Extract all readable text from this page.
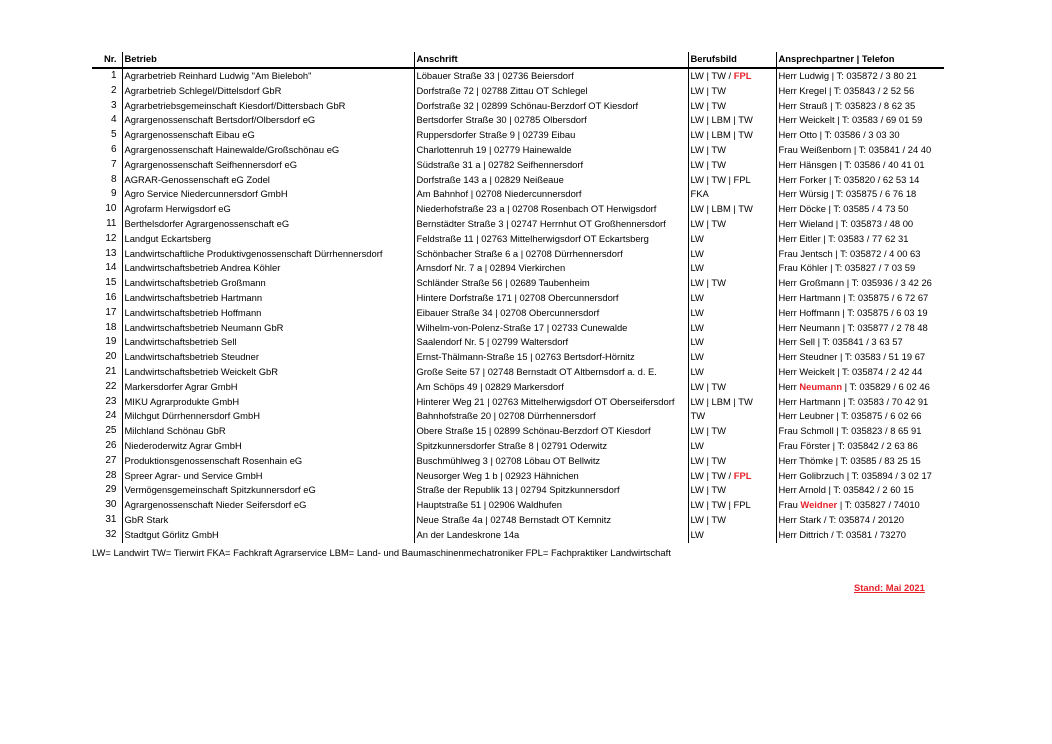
Nr.	Betrieb	Anschrift	Berufsbild	Ansprechpartner | Telefon
1	Agrarbetrieb Reinhard Ludwig "Am Bieleboh"	Löbauer Straße 33 | 02736 Beiersdorf	LW | TW / FPL	Herr Ludwig | T: 035872 / 3 80 21
2	Agrarbetrieb Schlegel/Dittelsdorf GbR	Dorfstraße 72 | 02788 Zittau OT Schlegel	LW | TW	Herr Kregel | T: 035843 / 2 52 56
3	Agrarbetriebsgemeinschaft Kiesdorf/Dittersbach GbR	Dorfstraße 32 | 02899 Schönau-Berzdorf OT Kiesdorf	LW | TW	Herr Strauß | T: 035823 / 8 62 35
4	Agrargenossenschaft Bertsdorf/Olbersdorf eG	Bertsdorfer Straße 30 | 02785 Olbersdorf	LW | LBM | TW	Herr Weickelt | T: 03583 / 69 01 59
5	Agrargenossenschaft Eibau eG	Ruppersdorfer Straße 9 | 02739 Eibau	LW | LBM | TW	Herr Otto | T: 03586 / 3 03 30
6	Agrargenossenschaft Hainewalde/Großschönau eG	Charlottenruh 19 | 02779 Hainewalde	LW | TW	Frau Weißenborn | T: 035841 / 24 40
7	Agrargenossenschaft Seifhennersdorf eG	Südstraße 31 a | 02782 Seifhennersdorf	LW | TW	Herr Hänsgen | T: 03586 / 40 41 01
8	AGRAR-Genossenschaft eG Zodel	Dorfstraße 143 a | 02829 Neißeaue	LW | TW | FPL	Herr Forker | T: 035820 / 62 53 14
9	Agro Service Niedercunnersdorf GmbH	Am Bahnhof | 02708 Niedercunnersdorf	FKA	Herr Würsig | T: 035875 / 6 76 18
10	Agrofarm Herwigsdorf eG	Niederhofstraße 23 a | 02708 Rosenbach OT Herwigsdorf	LW | LBM | TW	Herr Döcke | T: 03585 / 4 73 50
11	Berthelsdorfer Agrargenossenschaft eG	Bernstädter Straße 3 | 02747 Herrnhut OT Großhennersdorf	LW | TW	Herr Wieland | T: 035873 / 48 00
12	Landgut Eckartsberg	Feldstraße 11 | 02763 Mittelherwigsdorf OT Eckartsberg	LW	Herr Eitler | T: 03583 / 77 62 31
13	Landwirtschaftliche Produktivgenossenschaft Dürrhennersdorf	Schönbacher Straße 6 a | 02708 Dürrhennersdorf	LW	Frau Jentsch | T: 035872 / 4 00 63
14	Landwirtschaftsbetrieb Andrea Köhler	Arnsdorf Nr. 7 a | 02894 Vierkirchen	LW	Frau Köhler | T: 035827 / 7 03 59
15	Landwirtschaftsbetrieb Großmann	Schländer Straße 56 | 02689 Taubenheim	LW | TW	Herr Großmann | T: 035936 / 3 42 26
16	Landwirtschaftsbetrieb Hartmann	Hintere Dorfstraße 171 | 02708 Obercunnersdorf	LW	Herr Hartmann | T: 035875 / 6 72 67
17	Landwirtschaftsbetrieb Hoffmann	Eibauer Straße 34 | 02708 Obercunnersdorf	LW	Herr Hoffmann | T: 035875 / 6 03 19
18	Landwirtschaftsbetrieb Neumann GbR	Wilhelm-von-Polenz-Straße 17 | 02733 Cunewalde	LW	Herr Neumann | T: 035877 / 2 78 48
19	Landwirtschaftsbetrieb Sell	Saalendorf Nr. 5 | 02799 Waltersdorf	LW	Herr Sell | T: 035841 / 3 63 57
20	Landwirtschaftsbetrieb Steudner	Ernst-Thälmann-Straße 15 | 02763 Bertsdorf-Hörnitz	LW	Herr Steudner | T: 03583 / 51 19 67
21	Landwirtschaftsbetrieb Weickelt GbR	Große Seite 57 | 02748 Bernstadt OT Altbernsdorf a. d. E.	LW	Herr Weickelt | T: 035874 / 2 42 44
22	Markersdorfer Agrar GmbH	Am Schöps 49 | 02829 Markersdorf	LW | TW	Herr Neumann | T: 035829 / 6 02 46
23	MIKU Agrarprodukte GmbH	Hinterer Weg 21 | 02763 Mittelherwigsdorf OT Oberseifersdorf	LW | LBM | TW	Herr Hartmann | T: 03583 / 70 42 91
24	Milchgut Dürrhennersdorf GmbH	Bahnhofstraße 20 | 02708 Dürrhennersdorf	TW	Herr Leubner | T: 035875 / 6 02 66
25	Milchland Schönau GbR	Obere Straße 15 | 02899 Schönau-Berzdorf OT Kiesdorf	LW | TW	Frau Schmoll | T: 035823 / 8 65 91
26	Niederoderwitz Agrar GmbH	Spitzkunnersdorfer Straße 8 | 02791 Oderwitz	LW	Frau Förster | T: 035842 / 2 63 86
27	Produktionsgenossenschaft Rosenhain eG	Buschmühlweg 3 | 02708 Löbau OT Bellwitz	LW | TW	Herr Thömke | T: 03585 / 83 25 15
28	Spreer Agrar- und Service GmbH	Neusorger Weg 1 b | 02923 Hähnichen	LW | TW / FPL	Herr Golibrzuch | T: 035894 / 3 02 17
29	Vermögensgemeinschaft Spitzkunnersdorf eG	Straße der Republik 13 | 02794 Spitzkunnersdorf	LW | TW	Herr Arnold | T: 035842 / 2 60 15
30	Agrargenossenschaft Nieder Seifersdorf eG	Hauptstraße 51 | 02906 Waldhufen	LW | TW | FPL	Frau Weidner | T: 035827 / 74010
31	GbR Stark	Neue Straße 4a | 02748 Bernstadt OT Kemnitz	LW | TW	Herr Stark / T: 035874 / 20120
32	Stadtgut Görlitz GmbH	An der Landeskrone 14a	LW	Herr Dittrich / T: 03581 / 73270
LW= Landwirt TW= Tierwirt FKA= Fachkraft Agrarservice LBM= Land- und Baumaschinenmechatroniker FPL= Fachpraktiker Landwirtschaft
Stand: Mai 2021
